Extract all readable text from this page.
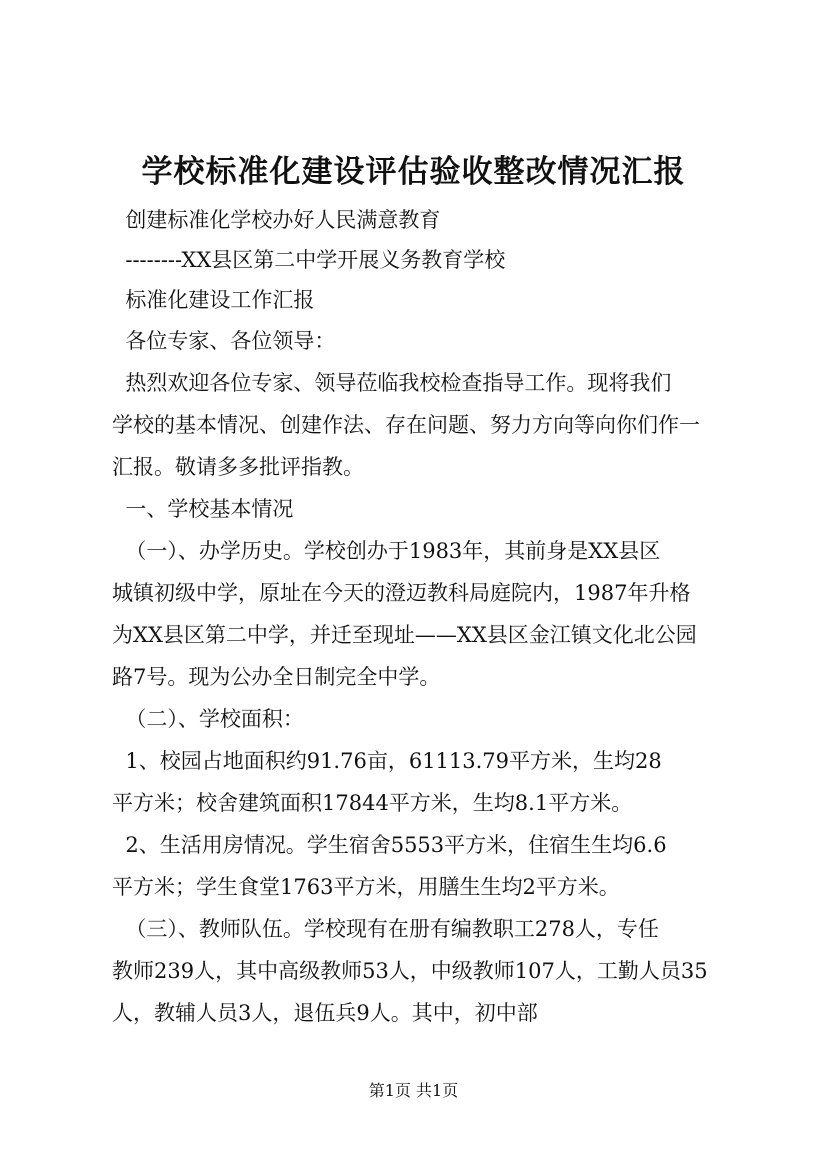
学校标准化建设评估验收整改情况汇报
创建标准化学校办好人民满意教育
--------XX县区第二中学开展义务教育学校
标准化建设工作汇报
各位专家、各位领导：
热烈欢迎各位专家、领导莅临我校检查指导工作。现将我们
学校的基本情况、创建作法、存在问题、努力方向等向你们作一
汇报。敬请多多批评指教。
一、学校基本情况
（一）、办学历史。学校创办于1983年，其前身是XX县区
城镇初级中学，原址在今天的澄迈教科局庭院内，1987年升格
为XX县区第二中学，并迁至现址——XX县区金江镇文化北公园
路7号。现为公办全日制完全中学。
（二）、学校面积：
1、校园占地面积约91.76亩，61113.79平方米，生均28
平方米；校舍建筑面积17844平方米，生均8.1平方米。
2、生活用房情况。学生宿舍5553平方米，住宿生生均6.6
平方米；学生食堂1763平方米，用膳生生均2平方米。
（三）、教师队伍。学校现有在册有编教职工278人，专任
教师239人，其中高级教师53人，中级教师107人，工勤人员35
人，教辅人员3人，退伍兵9人。其中，初中部
第1页 共1页
